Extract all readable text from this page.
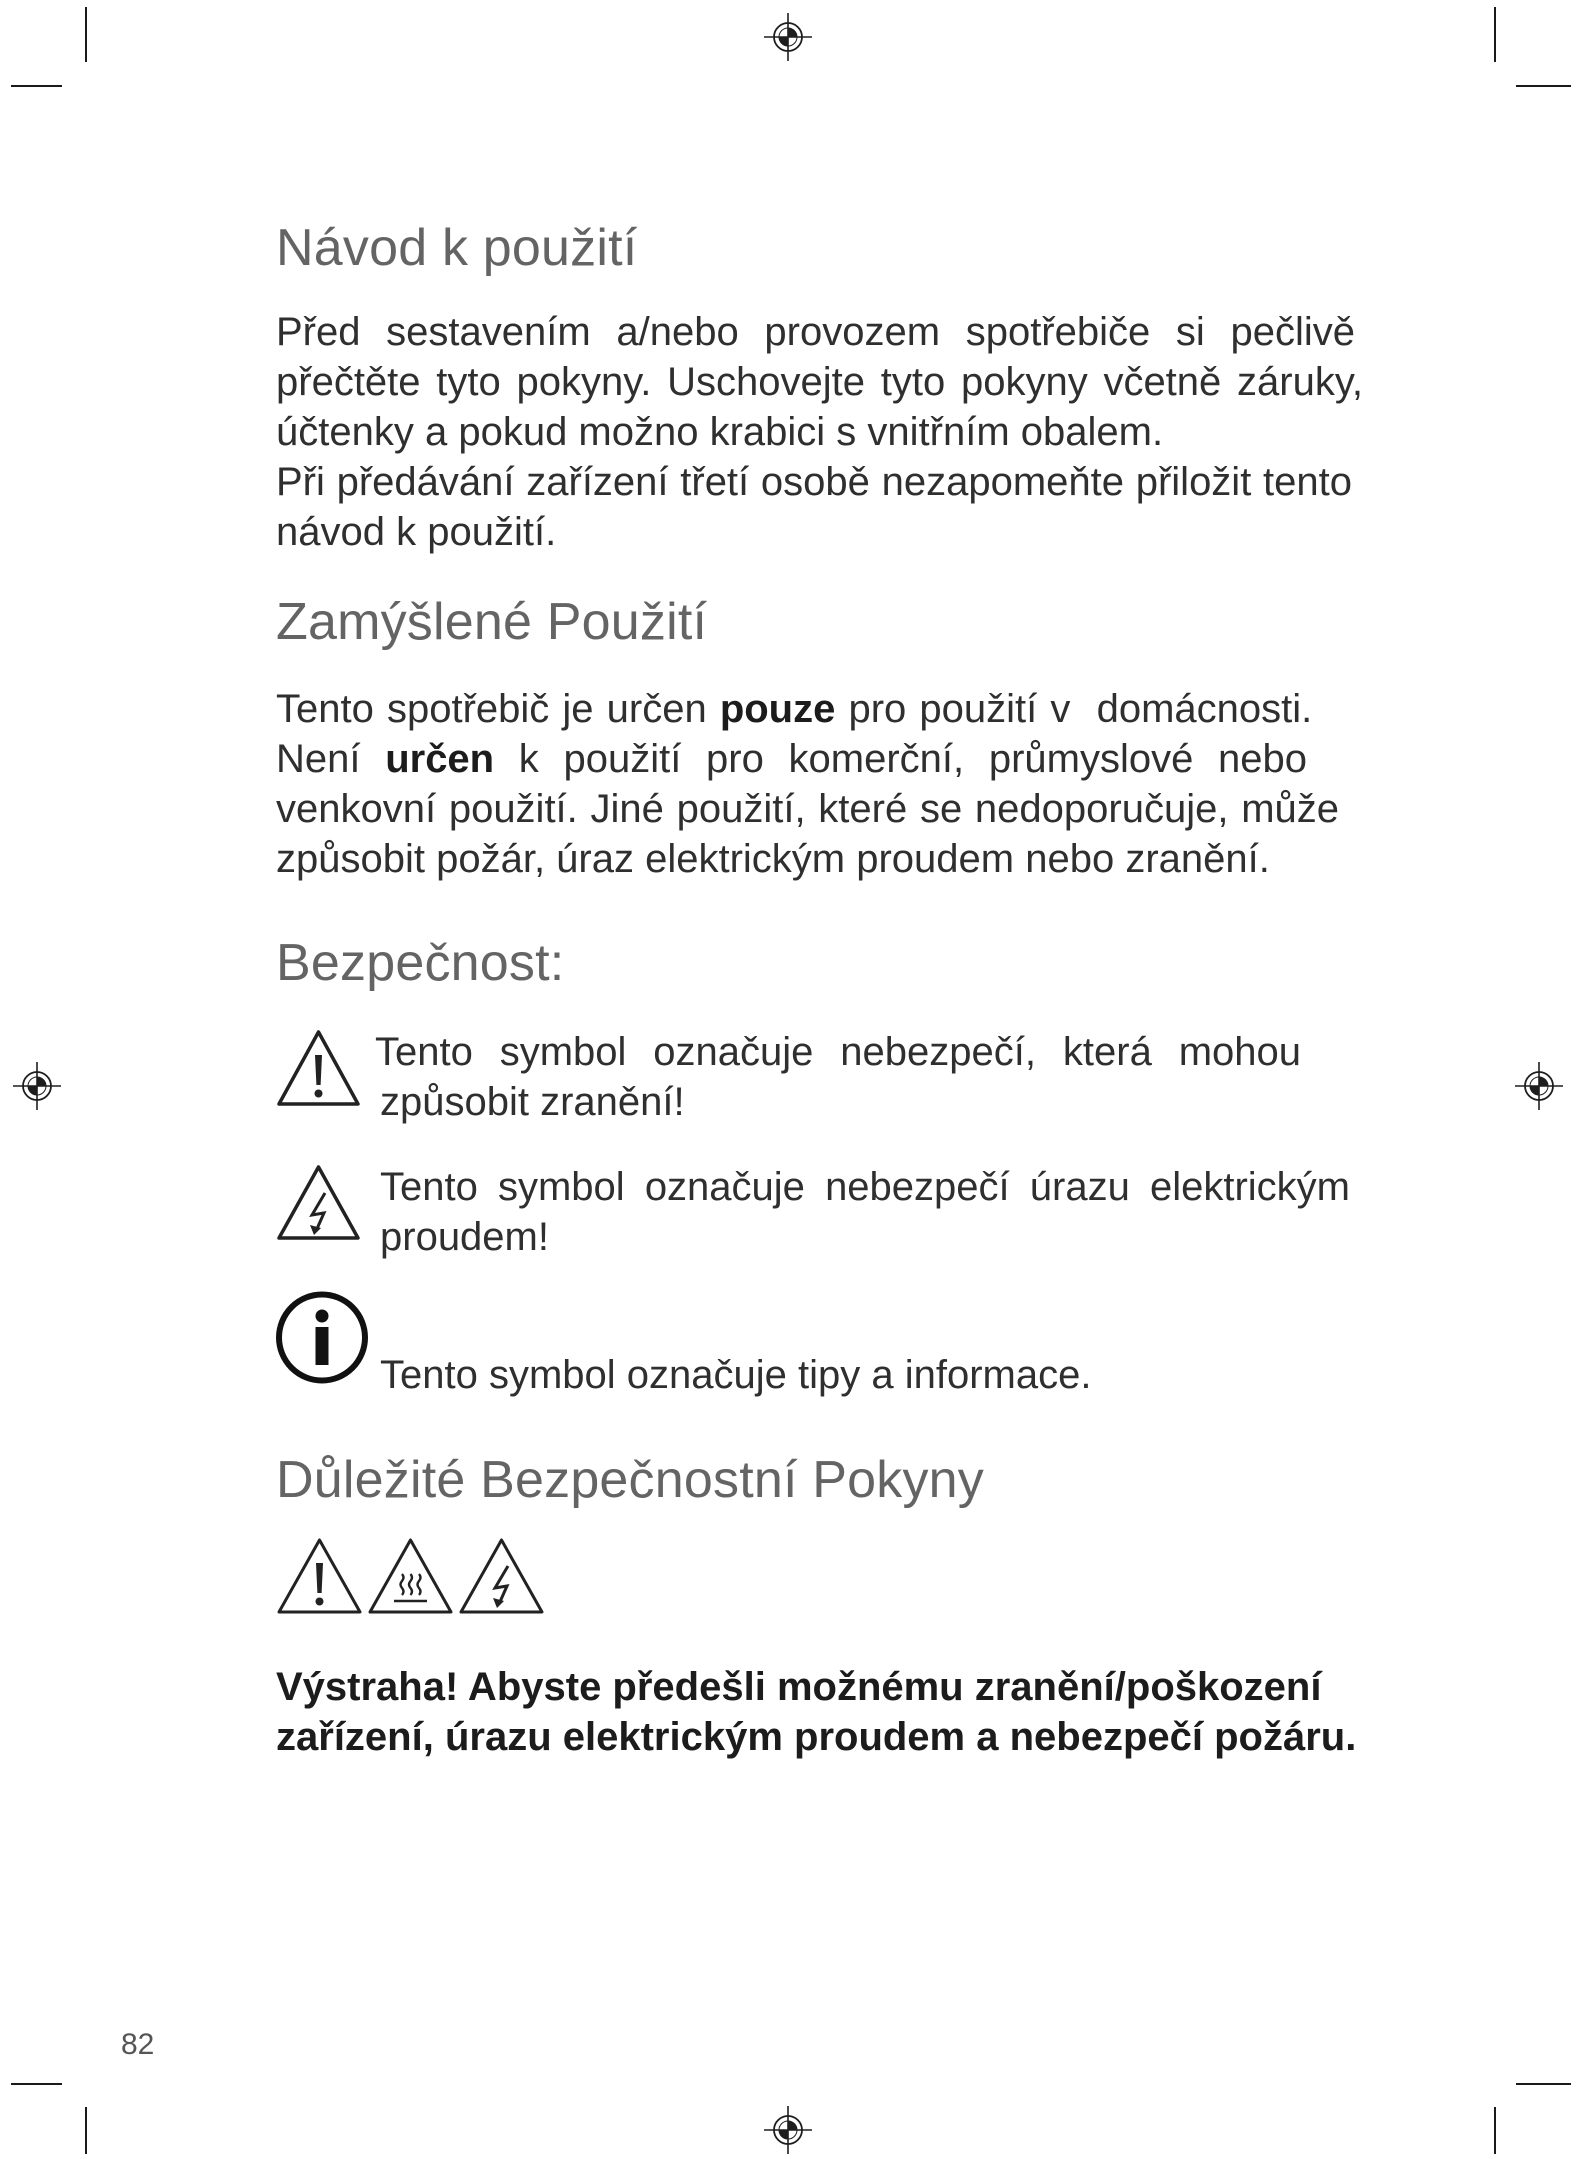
Návod k použití
Před sestavením a/nebo provozem spotřebiče si pečlivě
přečtěte tyto pokyny. Uschovejte tyto pokyny včetně záruky,
účtenky a pokud možno krabici s vnitřním obalem.
Při předávání zařízení třetí osobě nezapomeňte přiložit tento
návod k použití.
Zamýšlené Použití
Tento spotřebič je určen pouze pro použití v  domácnosti.
Není určen k použití pro komerční, průmyslové nebo
venkovní použití. Jiné použití, které se nedoporučuje, může
způsobit požár, úraz elektrickým proudem nebo zranění.
Bezpečnost:
Tento symbol označuje nebezpečí, která mohou
způsobit zranění!
Tento symbol označuje nebezpečí úrazu elektrickým
proudem!
Tento symbol označuje tipy a informace.
Důležité Bezpečnostní Pokyny
Výstraha! Abyste předešli možnému zranění/poškození
zařízení, úrazu elektrickým proudem a nebezpečí požáru.
82
